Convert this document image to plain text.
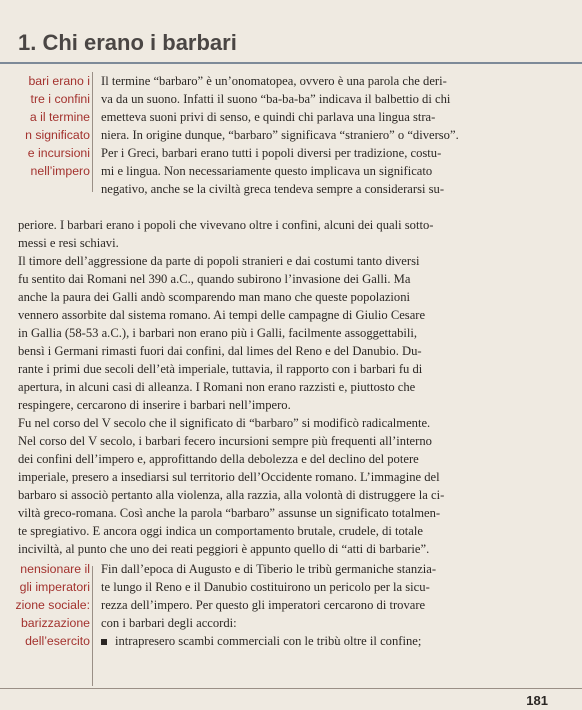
1. Chi erano i barbari
bari erano i
tre i confini
a il termine
n significato
e incursioni
nell’impero
Il termine “barbaro” è un’onomatopea, ovvero è una parola che deri-
va da un suono. Infatti il suono “ba-ba-ba” indicava il balbettio di chi
emetteva suoni privi di senso, e quindi chi parlava una lingua stra-
niera. In origine dunque, “barbaro” significava “straniero” o “diverso”.
Per i Greci, barbari erano tutti i popoli diversi per tradizione, costu-
mi e lingua. Non necessariamente questo implicava un significato
negativo, anche se la civiltà greca tendeva sempre a considerarsi su-
periore. I barbari erano i popoli che vivevano oltre i confini, alcuni dei quali sotto-
messi e resi schiavi.
Il timore dell’aggressione da parte di popoli stranieri e dai costumi tanto diversi
fu sentito dai Romani nel 390 a.C., quando subirono l’invasione dei Galli. Ma
anche la paura dei Galli andò scomparendo man mano che queste popolazioni
vennero assorbite dal sistema romano. Ai tempi delle campagne di Giulio Cesare
in Gallia (58-53 a.C.), i barbari non erano più i Galli, facilmente assoggettabili,
bensì i Germani rimasti fuori dai confini, dal limes del Reno e del Danubio. Du-
rante i primi due secoli dell’età imperiale, tuttavia, il rapporto con i barbari fu di
apertura, in alcuni casi di alleanza. I Romani non erano razzisti e, piuttosto che
respingere, cercarono di inserire i barbari nell’impero.
Fu nel corso del V secolo che il significato di “barbaro” si modificò radicalmente.
Nel corso del V secolo, i barbari fecero incursioni sempre più frequenti all’interno
dei confini dell’impero e, approfittando della debolezza e del declino del potere
imperiale, presero a insediarsi sul territorio dell’Occidente romano. L’immagine del
barbaro si associò pertanto alla violenza, alla razzia, alla volontà di distruggere la ci-
viltà greco-romana. Così anche la parola “barbaro” assunse un significato totalmen-
te spregiativo. E ancora oggi indica un comportamento brutale, crudele, di totale
inciviltà, al punto che uno dei reati peggiori è appunto quello di “atti di barbarie”.
nensionare il
gli imperatori
zione sociale:
barizzazione
dell’esercito
Fin dall’epoca di Augusto e di Tiberio le tribù germaniche stanzia-
te lungo il Reno e il Danubio costituirono un pericolo per la sicu-
rezza dell’impero. Per questo gli imperatori cercarono di trovare
con i barbari degli accordi:
intrapresero scambi commerciali con le tribù oltre il confine;
181
